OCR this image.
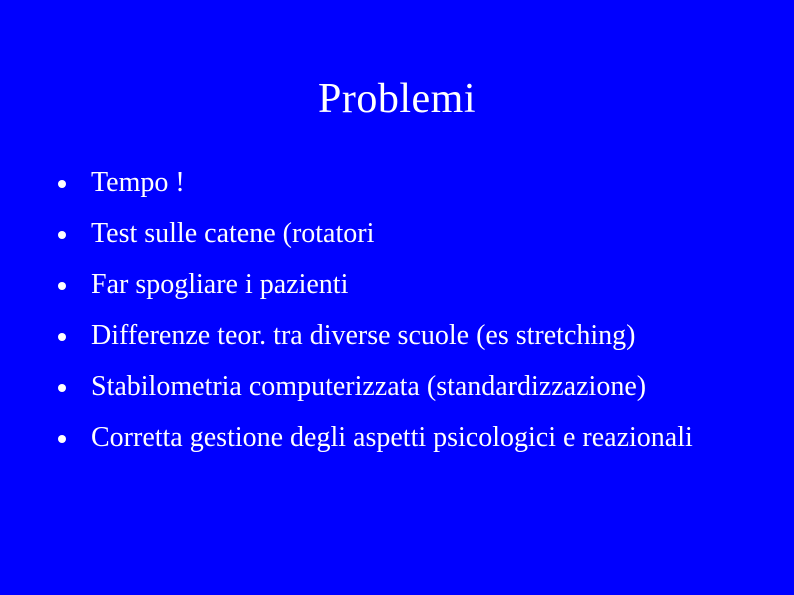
Problemi
Tempo !
Test sulle catene (rotatori
Far spogliare i pazienti
Differenze teor. tra diverse scuole (es stretching)
Stabilometria computerizzata (standardizzazione)
Corretta gestione degli aspetti psicologici e reazionali
